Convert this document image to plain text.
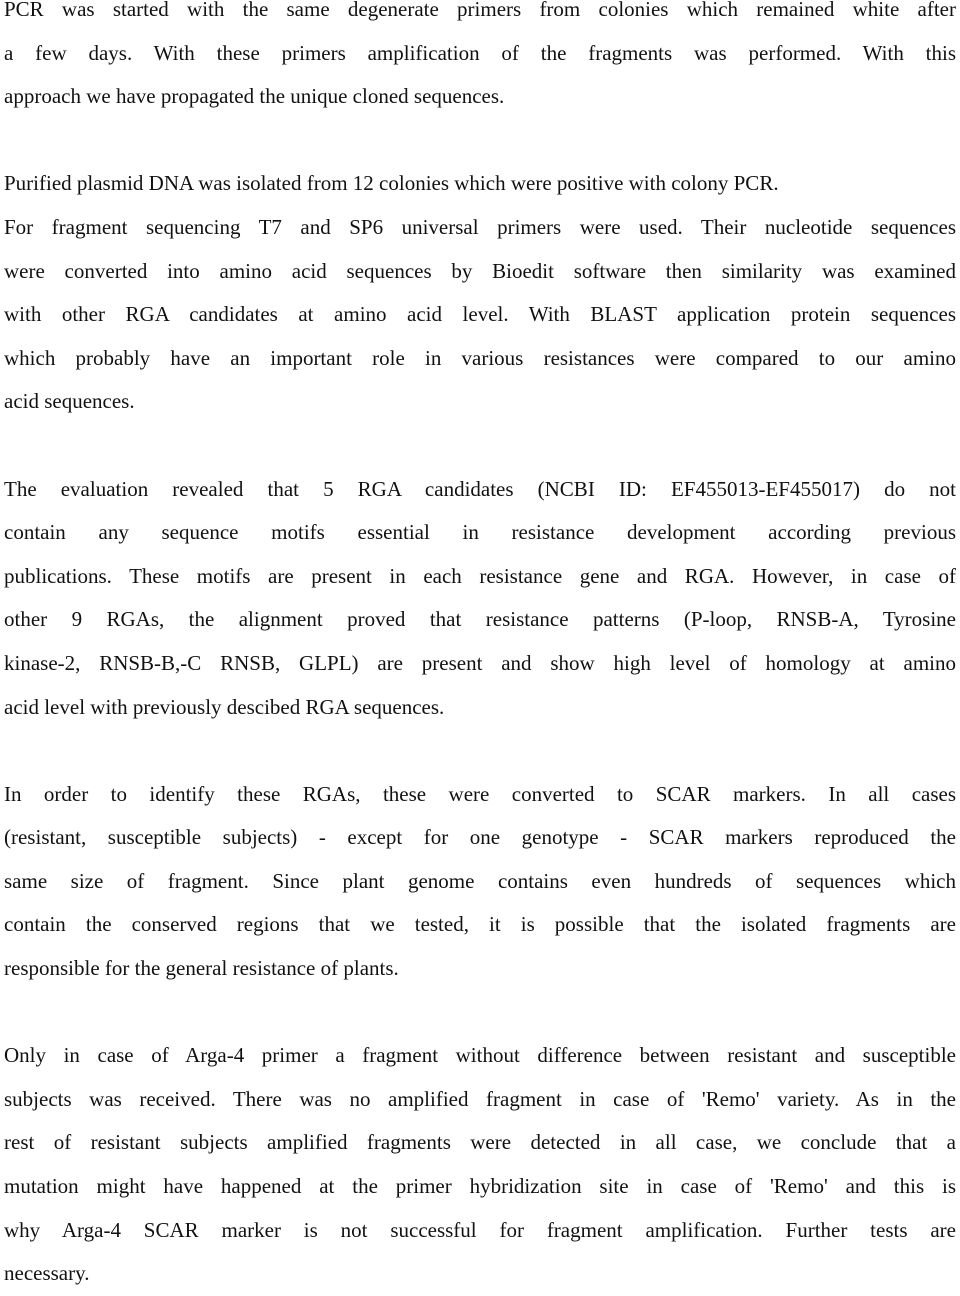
PCR was started with the same degenerate primers from colonies which remained white after
a few days. With these primers amplification of the fragments was performed. With this
approach we have propagated the unique cloned sequences.
Purified plasmid DNA was isolated from 12 colonies which were positive with colony PCR.
For fragment sequencing T7 and SP6 universal primers were used. Their nucleotide sequences
were converted into amino acid sequences by Bioedit software then similarity was examined
with other RGA candidates at amino acid level. With BLAST application protein sequences
which probably have an important role in various resistances were compared to our amino
acid sequences.
The evaluation revealed that 5 RGA candidates (NCBI ID: EF455013-EF455017) do not
contain any sequence motifs essential in resistance development according previous
publications. These motifs are present in each resistance gene and RGA. However, in case of
other 9 RGAs, the alignment proved that resistance patterns (P-loop, RNSB-A, Tyrosine
kinase-2, RNSB-B,-C RNSB, GLPL) are present and show high level of homology at amino
acid level with previously descibed RGA sequences.
In order to identify these RGAs, these were converted to SCAR markers. In all cases
(resistant, susceptible subjects) - except for one genotype - SCAR markers reproduced the
same size of fragment. Since plant genome contains even hundreds of sequences which
contain the conserved regions that we tested, it is possible that the isolated fragments are
responsible for the general resistance of plants.
Only in case of Arga-4 primer a fragment without difference between resistant and susceptible
subjects was received. There was no amplified fragment in case of 'Remo' variety. As in the
rest of resistant subjects amplified fragments were detected in all case, we conclude that a
mutation might have happened at the primer hybridization site in case of 'Remo' and this is
why Arga-4 SCAR marker is not successful for fragment amplification. Further tests are
necessary.
